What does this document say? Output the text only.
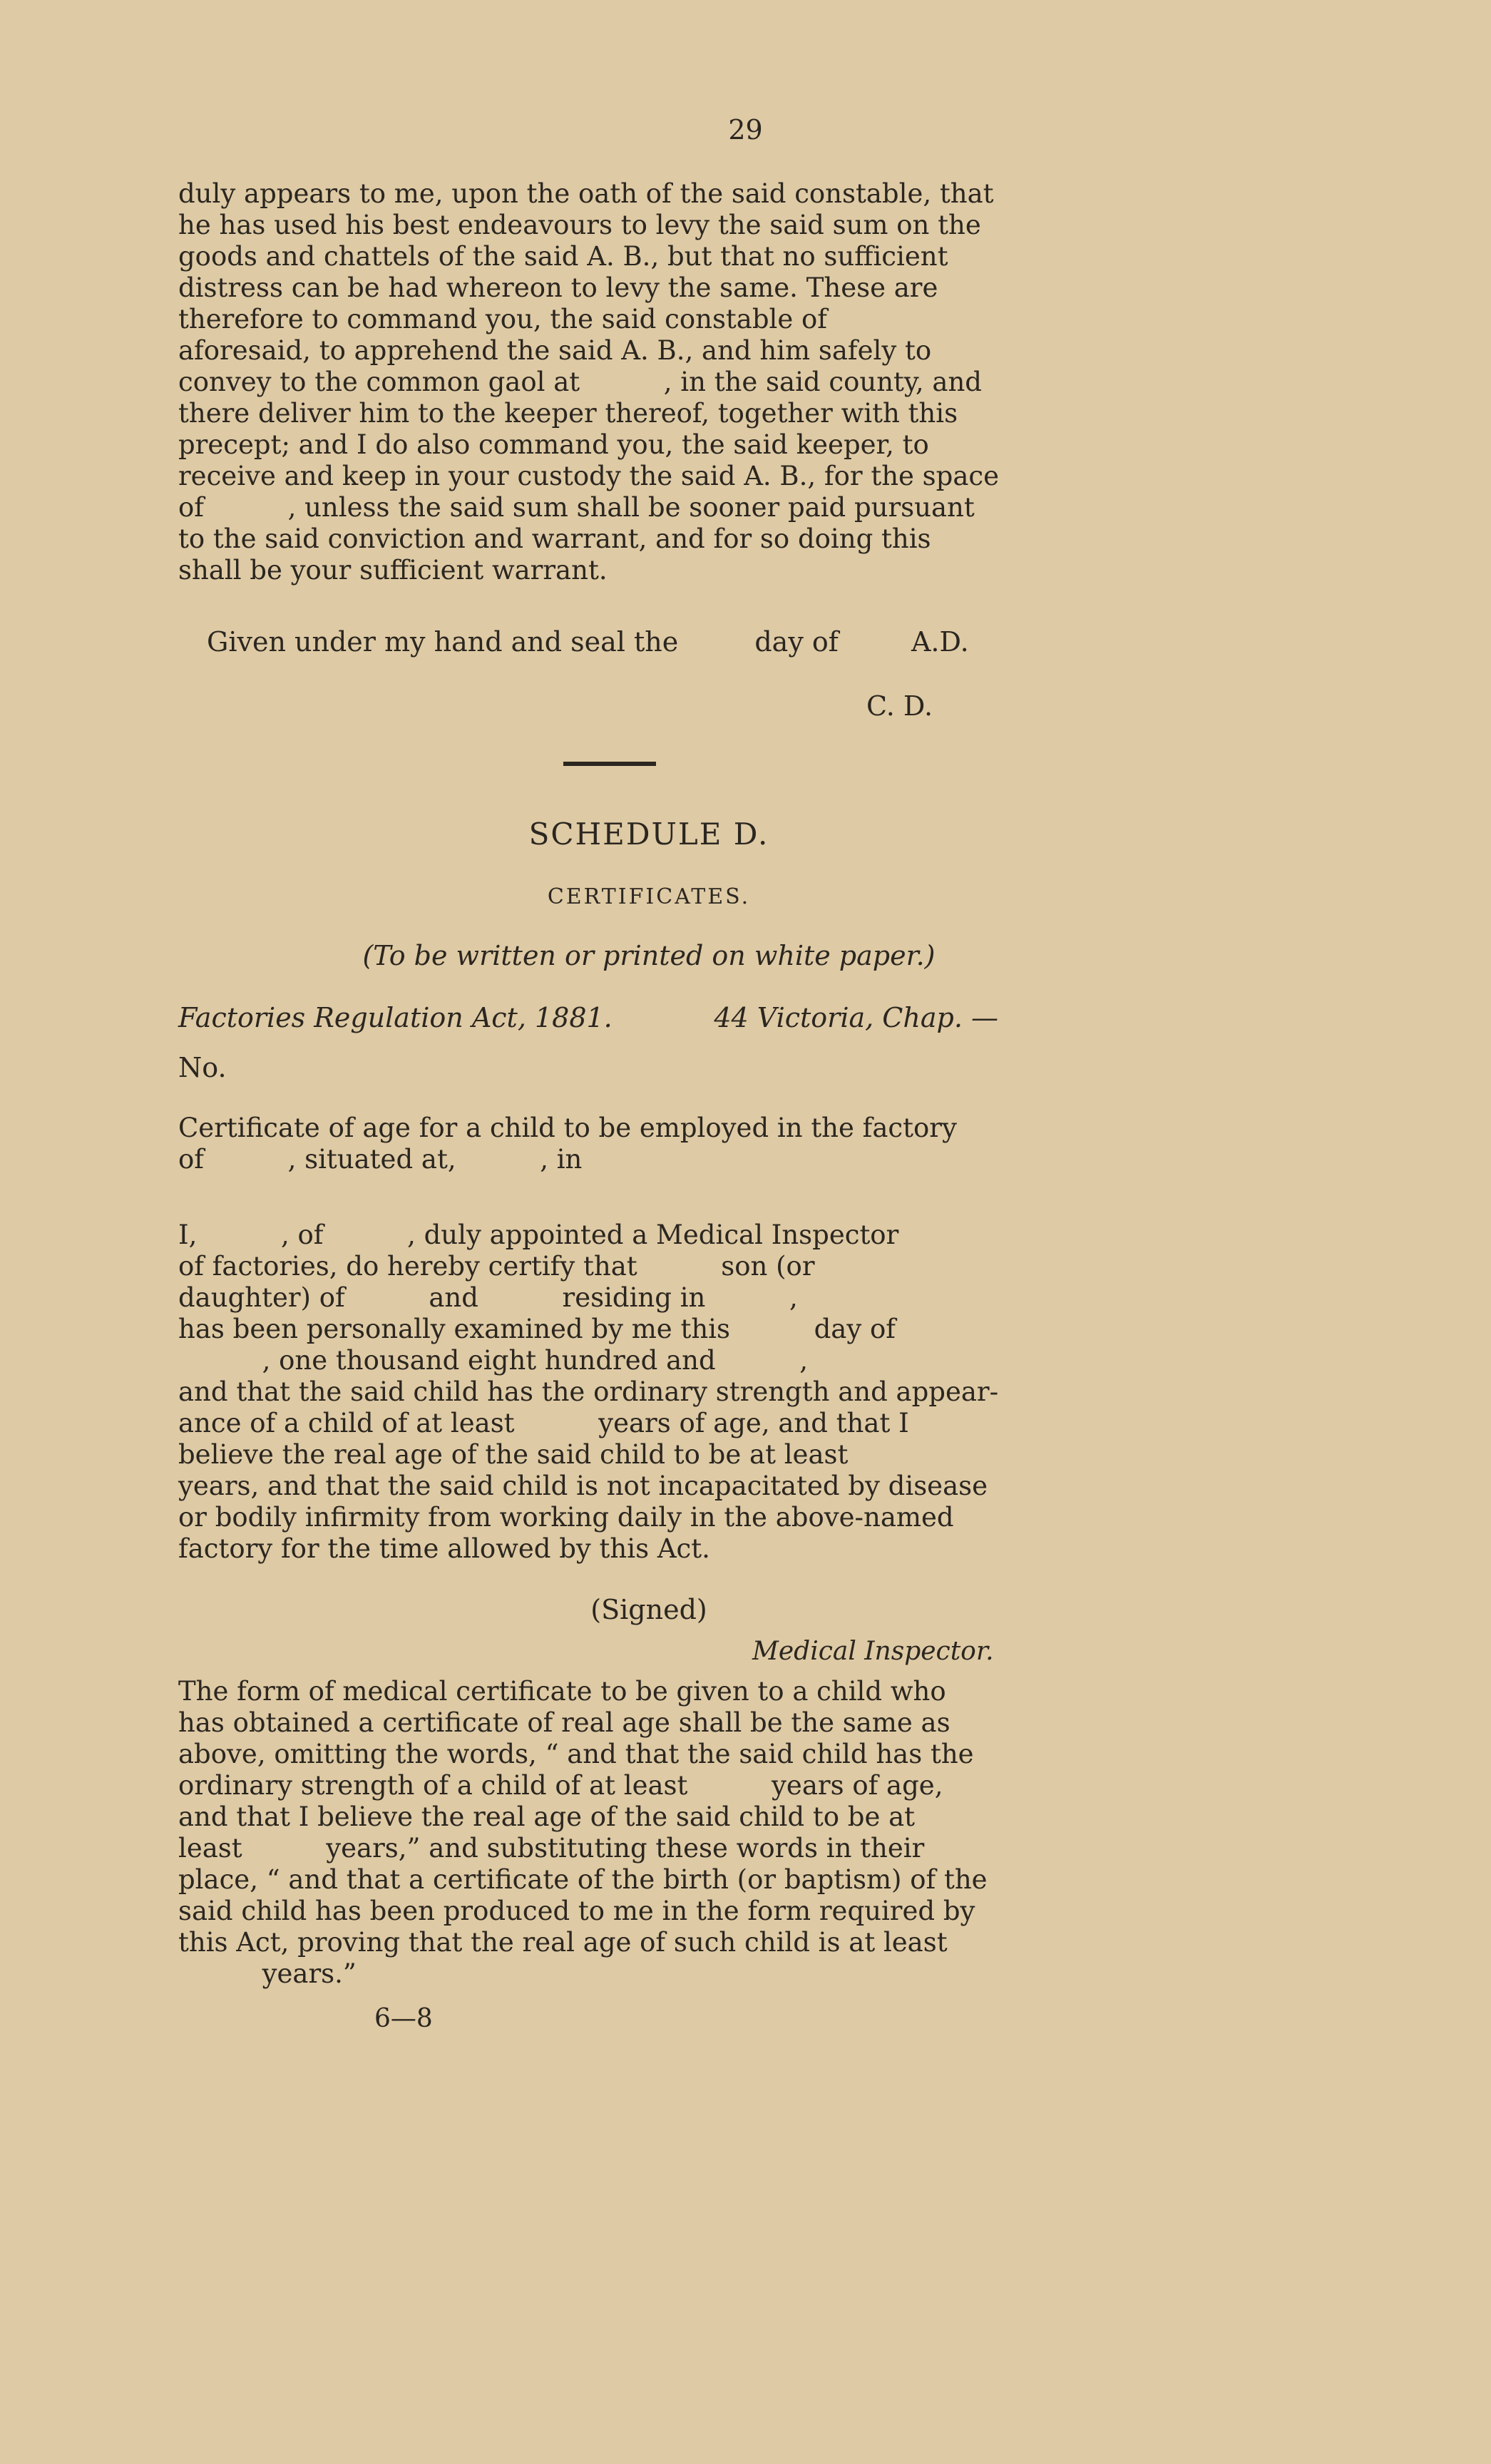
29

duly appears to me, upon the oath of the said constable, that

he has used his best endeavours to levy the said sum on the

goods and chattels of the said A. B., but that no sufficient

distress can be had whereon to levy the same. These are

therefore to command you, the said constable of

aforesaid, to apprehend the said A. B., and him safely to

convey to the common gaol at          , in the said county, and

there deliver him to the keeper thereof, together with this

precept; and I do also command you, the said keeper, to

receive and keep in your custody the said A. B., for the space

of          , unless the said sum shall be sooner paid pursuant

to the said conviction and warrant, and for so doing this

shall be your sufficient warrant.

Given under my hand and seal the	day of	A.D.
C. D.
SCHEDULE D.
CERTIFICATES.
(To be written or printed on white paper.)
Factories Regulation Act, 1881.	44 Victoria, Chap. —
No.

Certificate of age for a child to be employed in the factory

of          , situated at,          , in

I,          , of          , duly appointed a Medical Inspector

of factories, do hereby certify that          son (or

daughter) of          and          residing in          ,

has been personally examined by me this          day of

, one thousand eight hundred and          ,

and that the said child has the ordinary strength and appear-

ance of a child of at least          years of age, and that I

believe the real age of the said child to be at least

years, and that the said child is not incapacitated by disease

or bodily infirmity from working daily in the above-named

factory for the time allowed by this Act.

(Signed)
Medical Inspector.

The form of medical certificate to be given to a child who

has obtained a certificate of real age shall be the same as

above, omitting the words, “ and that the said child has the

ordinary strength of a child of at least          years of age,

and that I believe the real age of the said child to be at

least          years,” and substituting these words in their

place, “ and that a certificate of the birth (or baptism) of the

said child has been produced to me in the form required by

this Act, proving that the real age of such child is at least

years.”

6—8
